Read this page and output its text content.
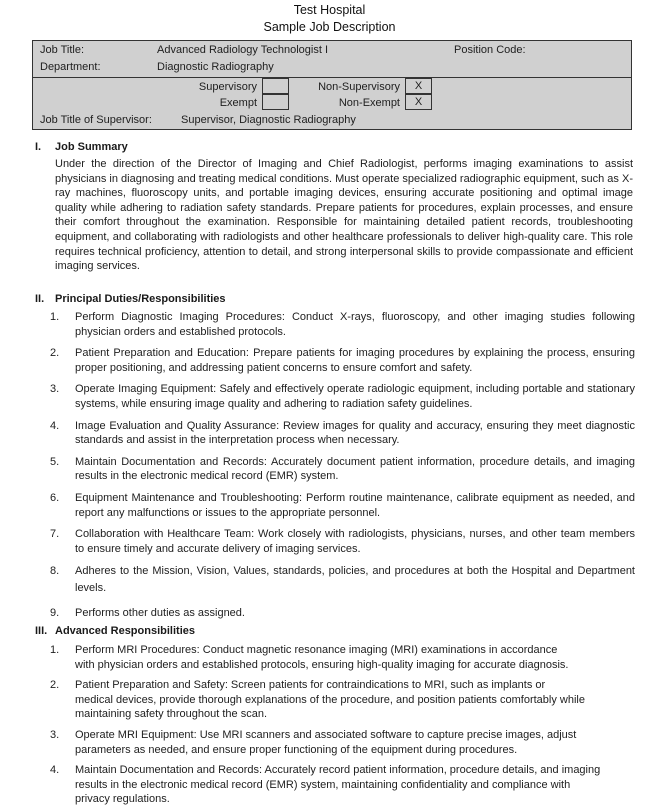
Test Hospital
Sample Job Description
Job Title:	Advanced Radiology Technologist I	Position Code:
Department:	Diagnostic Radiography
Supervisory	Non-Supervisory	X
Exempt	Non-Exempt	X
Job Title of Supervisor:	Supervisor, Diagnostic Radiography
I. Job Summary
Under the direction of the Director of Imaging and Chief Radiologist, performs imaging examinations to assist physicians in diagnosing and treating medical conditions. Must operate specialized radiographic equipment, such as X-ray machines, fluoroscopy units, and portable imaging devices, ensuring accurate positioning and optimal image quality while adhering to radiation safety standards. Prepare patients for procedures, explain processes, and ensure their comfort throughout the examination. Responsible for maintaining detailed patient records, troubleshooting equipment, and collaborating with radiologists and other healthcare professionals to deliver high-quality care. This role requires technical proficiency, attention to detail, and strong interpersonal skills to provide compassionate and efficient imaging services.
II. Principal Duties/Responsibilities
1. Perform Diagnostic Imaging Procedures: Conduct X-rays, fluoroscopy, and other imaging studies following physician orders and established protocols.
2. Patient Preparation and Education: Prepare patients for imaging procedures by explaining the process, ensuring proper positioning, and addressing patient concerns to ensure comfort and safety.
3. Operate Imaging Equipment: Safely and effectively operate radiologic equipment, including portable and stationary systems, while ensuring image quality and adhering to radiation safety guidelines.
4. Image Evaluation and Quality Assurance: Review images for quality and accuracy, ensuring they meet diagnostic standards and assist in the interpretation process when necessary.
5. Maintain Documentation and Records: Accurately document patient information, procedure details, and imaging results in the electronic medical record (EMR) system.
6. Equipment Maintenance and Troubleshooting: Perform routine maintenance, calibrate equipment as needed, and report any malfunctions or issues to the appropriate personnel.
7. Collaboration with Healthcare Team: Work closely with radiologists, physicians, nurses, and other team members to ensure timely and accurate delivery of imaging services.
8. Adheres to the Mission, Vision, Values, standards, policies, and procedures at both the Hospital and Department levels.
9. Performs other duties as assigned.
III. Advanced Responsibilities
1. Perform MRI Procedures: Conduct magnetic resonance imaging (MRI) examinations in accordance with physician orders and established protocols, ensuring high-quality imaging for accurate diagnosis.
2. Patient Preparation and Safety: Screen patients for contraindications to MRI, such as implants or medical devices, provide thorough explanations of the procedure, and position patients comfortably while maintaining safety throughout the scan.
3. Operate MRI Equipment: Use MRI scanners and associated software to capture precise images, adjust parameters as needed, and ensure proper functioning of the equipment during procedures.
4. Maintain Documentation and Records: Accurately record patient information, procedure details, and imaging results in the electronic medical record (EMR) system, maintaining confidentiality and compliance with privacy regulations.
